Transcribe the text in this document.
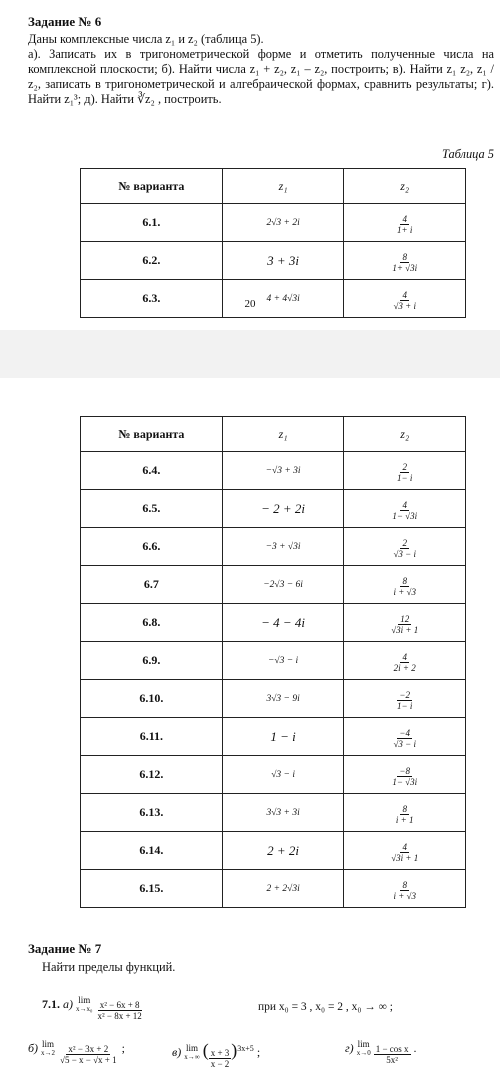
Задание № 6

Даны комплексные числа z₁ и z₂ (таблица 5).

а). Записать их в тригонометрической форме и отметить полученные числа на комплексной плоскости; б). Найти числа z₁ + z₂, z₁ – z₂, построить; в). Найти z₁ z₂, z₁ / z₂, записать в тригонометрической и алгебраической формах, сравнить результаты; г). Найти z₁³; д). Найти ∛z₂ , построить.

Таблица 5
№ варианта	z₁	z₂
6.1.	2√3 + 2i	$\frac{4}{1+ i}$

6.2.	3 + 3i	$\frac{8}{1+ √3i}$

6.3.	4 + 4√3i	$\frac{4}{√3 + i}$
20
№ варианта	z₁	z₂
6.4.	−√3 + 3i	$\frac{2}{1- i}$

6.5.	− 2 + 2i	$\frac{4}{1- √3i}$

6.6.	−3 + √3i	$\frac{2}{√3 - i}$

6.7	−2√3 − 6i	$\frac{8}{i + √3}$

6.8.	− 4 − 4i	$\frac{12}{√3i + 1}$

6.9.	−√3 − i	$\frac{4}{2i + 2}$

6.10.	3√3 − 9i	$\frac{-2}{1- i}$

6.11.	1 − i	$\frac{-4}{√3 - i}$

6.12.	√3 − i	$\frac{-8}{1- √3i}$

6.13.	3√3 + 3i	$\frac{8}{i + 1}$

6.14.	2 + 2i	$\frac{4}{√3i + 1}$

6.15.	2 + 2√3i	$\frac{8}{i + √3}$
Задание № 7
Найти пределы функций.
7.1. а) lim
x→x₀
$\frac{\text{x² − 6x + 8}}{\text{x² − 8x + 12}}$	при x₀ = 3 , x₀ = 2 , x₀ → ∞ ;
б) lim
x→2
$\frac{\text{x² − 3x + 2}}{√5 - x - √x + 1}$ ;	в) lim
x→∞ ( $\frac{x + 3}{x - 2} )^{3x+5}$ ;	г) lim
x→0
$\frac{\text{1 − cos x}}{\text{5x²}}$ .
